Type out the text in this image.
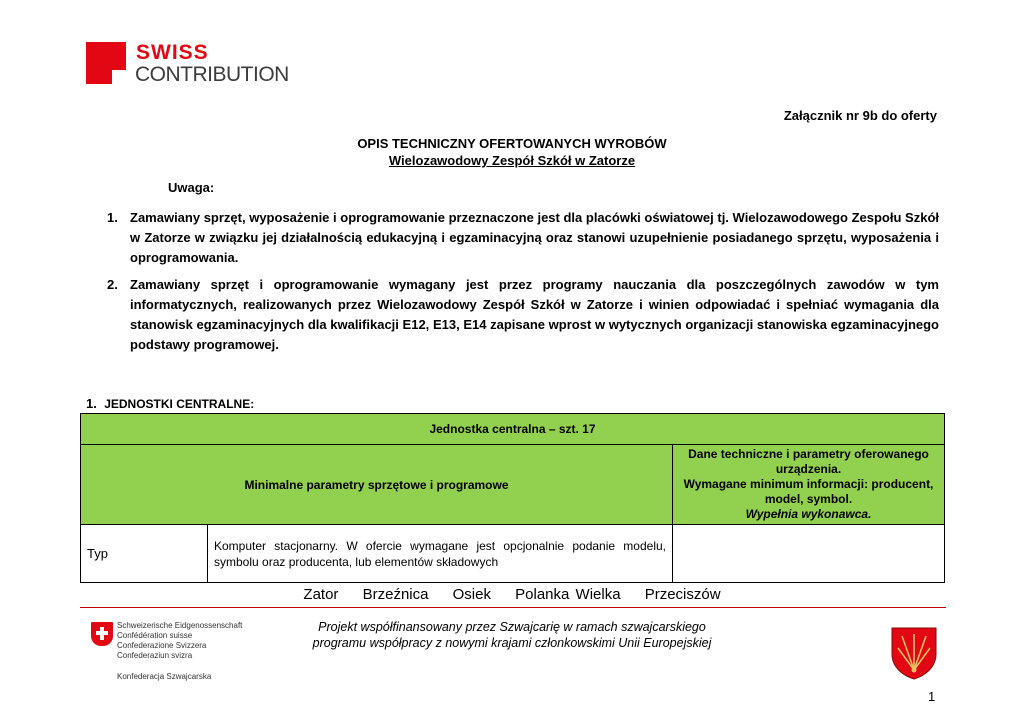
SWISS
CONTRIBUTION
Załącznik nr 9b do oferty
OPIS TECHNICZNY OFERTOWANYCH WYROBÓW
Wielozawodowy Zespół Szkół w Zatorze
Uwaga:
1. Zamawiany sprzęt, wyposażenie i oprogramowanie przeznaczone jest dla placówki oświatowej tj. Wielozawodowego Zespołu Szkół w Zatorze w związku jej działalnością edukacyjną i egzaminacyjną oraz stanowi uzupełnienie posiadanego sprzętu, wyposażenia i oprogramowania.
2. Zamawiany sprzęt i oprogramowanie wymagany jest przez programy nauczania dla poszczególnych zawodów w tym informatycznych, realizowanych przez Wielozawodowy Zespół Szkół w Zatorze i winien odpowiadać i spełniać wymagania dla stanowisk egzaminacyjnych dla kwalifikacji E12, E13, E14 zapisane wprost w wytycznych organizacji stanowiska egzaminacyjnego podstawy programowej.
1. JEDNOSTKI CENTRALNE:
Jednostka centralna – szt. 17		
Minimalne parametry sprzętowe i programowe		Dane techniczne i parametry oferowanego urządzenia.
Wymagane minimum informacji: producent, model, symbol.
Wypełnia wykonawca.

Typ	Komputer stacjonarny. W ofercie wymagane jest opcjonalnie podanie modelu, symbolu oraz producenta, lub elementów składowych	
Zator Brzeźnica Osiek Polanka Wielka Przeciszów
Schweizerische Eidgenossenschaft
Confédération suisse
Confederazione Svizzera
Confederaziun svizra
Konfederacja Szwajcarska
Projekt współfinansowany przez Szwajcarię w ramach szwajcarskiego
programu współpracy z nowymi krajami członkowskimi Unii Europejskiej
1
